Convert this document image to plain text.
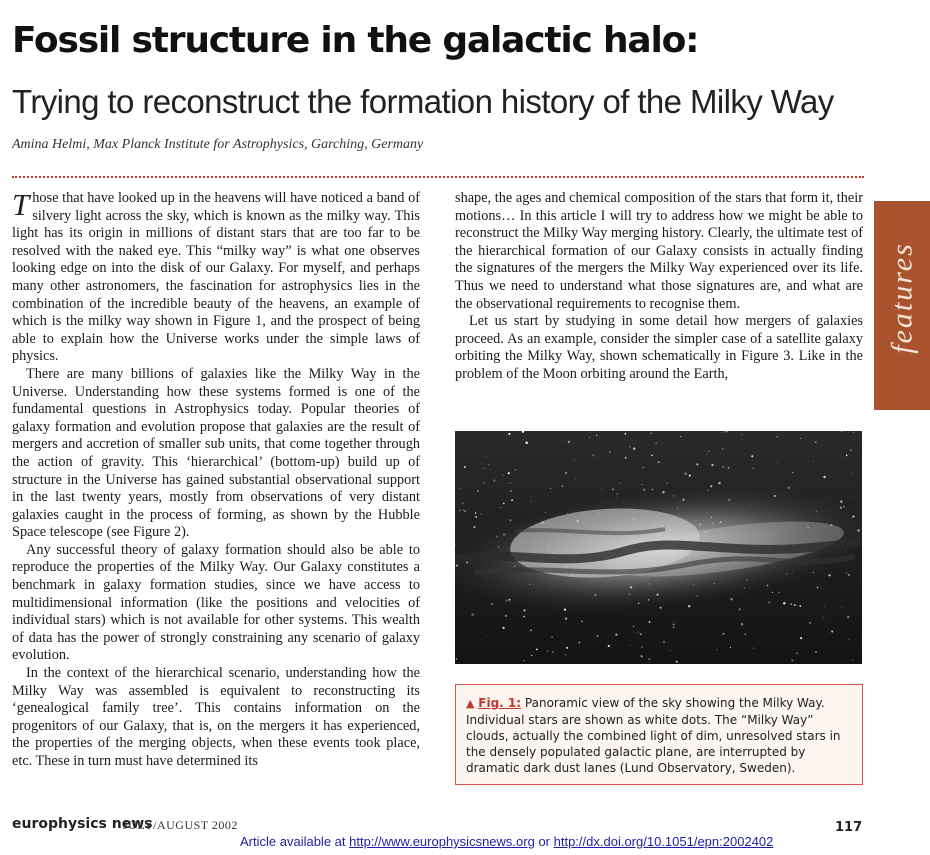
Fossil structure in the galactic halo:
Trying to reconstruct the formation history of the Milky Way
Amina Helmi, Max Planck Institute for Astrophysics, Garching, Germany
features

Those that have looked up in the heavens will have noticed a band of silvery light across the sky, which is known as the milky way. This light has its origin in millions of distant stars that are too far to be resolved with the naked eye. This “milky way” is what one observes looking edge on into the disk of our Galaxy. For myself, and perhaps many other astronomers, the fascination for astrophysics lies in the combination of the incredible beauty of the heavens, an example of which is the milky way shown in Figure 1, and the prospect of being able to explain how the Universe works under the simple laws of physics.

There are many billions of galaxies like the Milky Way in the Universe. Understanding how these systems formed is one of the fundamental questions in Astrophysics today. Popular theories of galaxy formation and evolution propose that galaxies are the result of mergers and accretion of smaller sub units, that come together through the action of gravity. This ‘hierarchical’ (bottom-up) build up of structure in the Universe has gained substantial observational support in the last twenty years, mostly from observations of very distant galaxies caught in the process of forming, as shown by the Hubble Space telescope (see Figure 2).

Any successful theory of galaxy formation should also be able to reproduce the properties of the Milky Way. Our Galaxy constitutes a benchmark in galaxy formation studies, since we have access to multidimensional information (like the positions and velocities of individual stars) which is not available for other systems. This wealth of data has the power of strongly constraining any scenario of galaxy evolution.

In the context of the hierarchical scenario, understanding how the Milky Way was assembled is equivalent to reconstructing its ‘genealogical family tree’. This contains information on the progenitors of our Galaxy, that is, on the mergers it has experienced, the properties of the merging objects, when these events took place, etc. These in turn must have determined its

shape, the ages and chemical composition of the stars that form it, their motions… In this article I will try to address how we might be able to reconstruct the Milky Way merging history. Clearly, the ultimate test of the hierarchical formation of our Galaxy consists in actually finding the signatures of the mergers the Milky Way experienced over its life. Thus we need to understand what those signatures are, and what are the observational requirements to recognise them.

Let us start by studying in some detail how mergers of galaxies proceed. As an example, consider the simpler case of a satellite galaxy orbiting the Milky Way, shown schematically in Figure 3. Like in the problem of the Moon orbiting around the Earth,

▲ Fig. 1: Panoramic view of the sky showing the Milky Way. Individual stars are shown as white dots. The “Milky Way” clouds, actually the combined light of dim, unresolved stars in the densely populated galactic plane, are interrupted by dramatic dark dust lanes (Lund Observatory, Sweden).
europhysics news
JULY/AUGUST 2002	117
Article available at http://www.europhysicsnews.org or http://dx.doi.org/10.1051/epn:2002402
